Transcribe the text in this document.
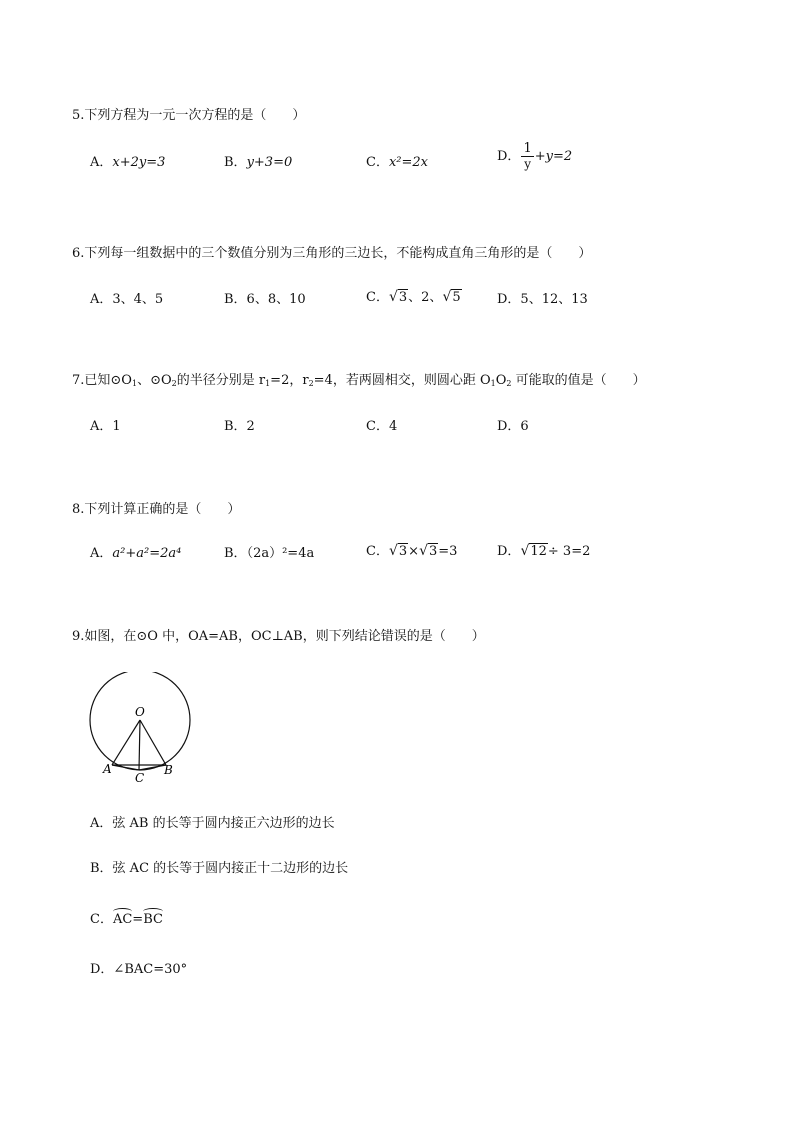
5.下列方程为一元一次方程的是（　　）
A．x+2y=3	B．y+3=0	C．x²=2x	D． $\frac{1}{y} +y=2$
6.下列每一组数据中的三个数值分别为三角形的三边长，不能构成直角三角形的是（　　）
A．3、4、5	B．6、8、10	C．√3、2、√5	D．5、12、13
7.已知$⊙O_1$、$⊙O_2$的半径分别是 $r_1=2$，$r_2=4$，若两圆相交，则圆心距 $O_1O_2$ 可能取的值是（　　）
A．1	B．2	C．4	D．6
8.下列计算正确的是（　　）
A．a²+a²=2a⁴	B．（2a）²=4a	C．√3×√3=3	D．√12÷ 3=2
9.如图，在⊙O 中，OA=AB，OC⊥AB，则下列结论错误的是（　　）
O
A	B
C
A．弦 AB 的长等于圆内接正六边形的边长
B．弦 AC 的长等于圆内接正十二边形的边长
C．AC=BC
D．∠BAC=30°
